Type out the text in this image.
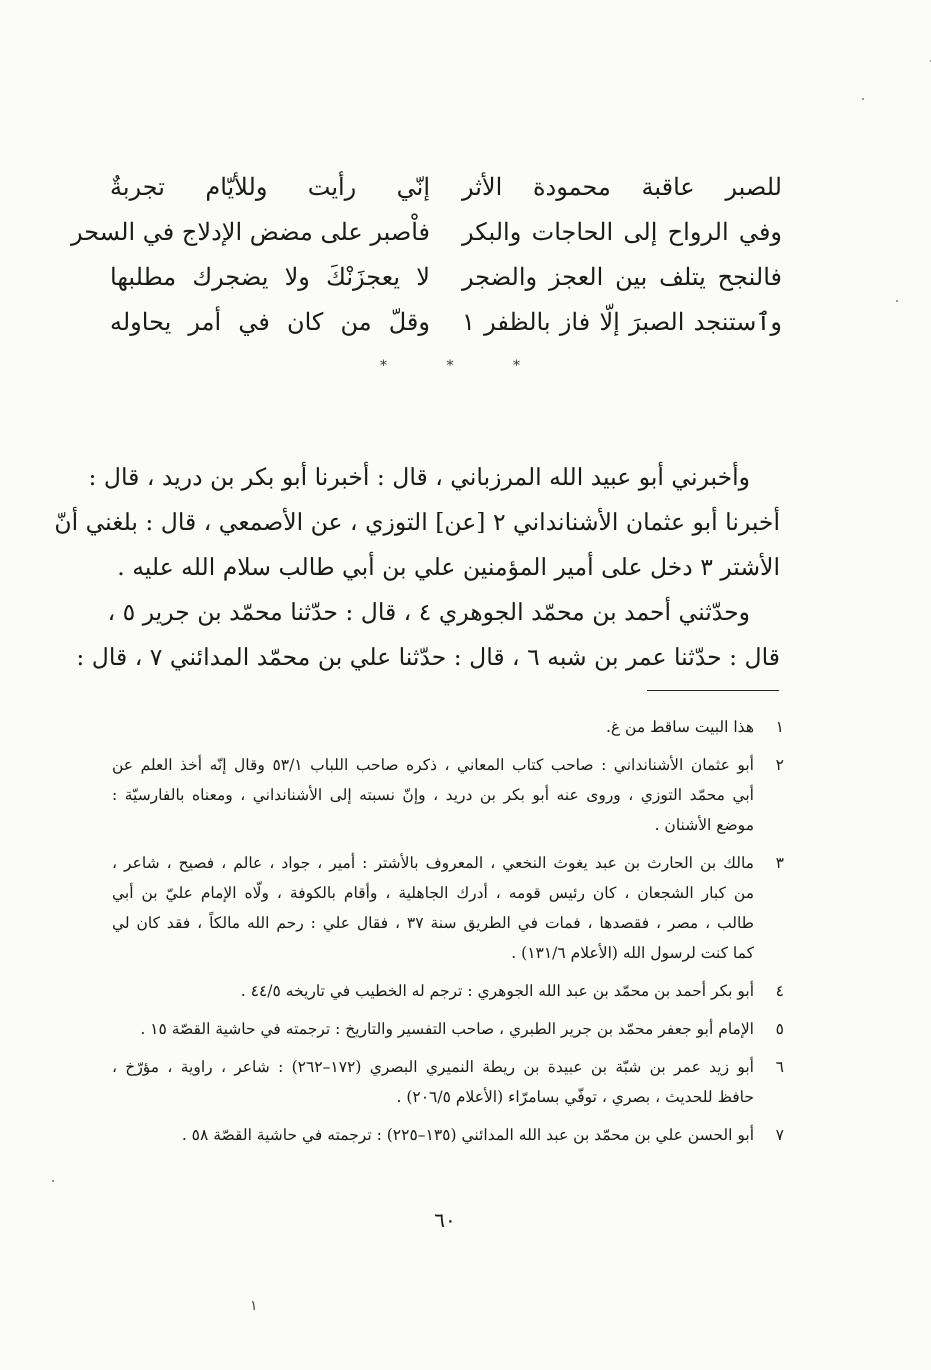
إنّي رأيت وللأيّام تجربةٌ للصبر عاقبة محمودة الأثر
فاْصبر على مضض الإدلاج في السحر وفي الرواح إلى الحاجات والبكر
لا يعجزَنْكَ ولا يضجرك مطلبها فالنجح يتلف بين العجز والضجر
وقلّ من كان في أمر يحاوله وٱستنجد الصبرَ إلّا فاز بالظفر ١
*	*	*
وأخبرني أبو عبيد الله المرزباني ، قال : أخبرنا أبو بكر بن دريد ، قال :
أخبرنا أبو عثمان الأشنانداني ٢ [عن] التوزي ، عن الأصمعي ، قال : بلغني أنّ
الأشتر ٣ دخل على أمير المؤمنين علي بن أبي طالب سلام الله عليه .
وحدّثني أحمد بن محمّد الجوهري ٤ ، قال : حدّثنا محمّد بن جرير ٥ ،
قال : حدّثنا عمر بن شبه ٦ ، قال : حدّثنا علي بن محمّد المدائني ٧ ، قال :
١
هذا البيت ساقط من غ.
٢
أبو عثمان الأشنانداني : صاحب كتاب المعاني ، ذكره صاحب اللباب ٥٣/١ وقال إنّه أخذ العلم عن
أبي محمّد التوزي ، وروى عنه أبو بكر بن دريد ، وإنّ نسبته إلى الأشنانداني ، ومعناه بالفارسيّة :
موضع الأشنان .
٣
مالك بن الحارث بن عبد يغوث النخعي ، المعروف بالأشتر : أمير ، جواد ، عالم ، فصيح ، شاعر ،
من كبار الشجعان ، كان رئيس قومه ، أدرك الجاهلية ، وأقام بالكوفة ، ولّاه الإمام عليّ بن أبي
طالب ، مصر ، فقصدها ، فمات في الطريق سنة ٣٧ ، فقال علي : رحم الله مالكاً ، فقد كان لي
كما كنت لرسول الله (الأعلام ١٣١/٦) .
٤
أبو بكر أحمد بن محمّد بن عبد الله الجوهري : ترجم له الخطيب في تاريخه ٤٤/٥ .
٥
الإمام أبو جعفر محمّد بن جرير الطبري ، صاحب التفسير والتاريخ : ترجمته في حاشية القصّة ١٥ .
٦
أبو زيد عمر بن شبّة بن عبيدة بن ريطة النميري البصري (١٧٢–٢٦٢) : شاعر ، راوية ، مؤرّخ ،
حافظ للحديث ، بصري ، توفّي بسامرّاء (الأعلام ٢٠٦/٥) .
٧
أبو الحسن علي بن محمّد بن عبد الله المدائني (١٣٥–٢٢٥) : ترجمته في حاشية القصّة ٥٨ .
٦٠
١
